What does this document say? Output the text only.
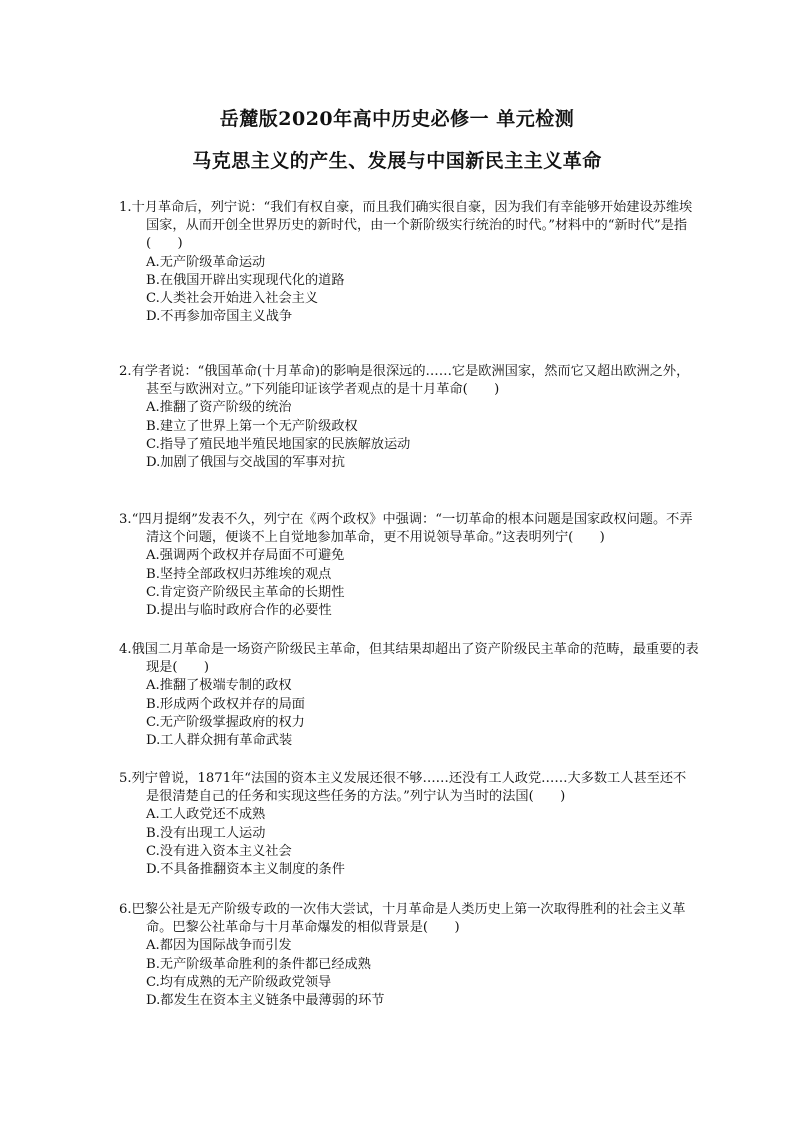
岳麓版2020年高中历史必修一 单元检测
马克思主义的产生、发展与中国新民主主义革命

1.十月革命后，列宁说：“我们有权自豪，而且我们确实很自豪，因为我们有幸能够开始建设苏维埃国家，从而开创全世界历史的新时代，由一个新阶级实行统治的时代。”材料中的“新时代”是指(　　)

A.无产阶级革命运动
B.在俄国开辟出实现现代化的道路
C.人类社会开始进入社会主义
D.不再参加帝国主义战争

2.有学者说：“俄国革命(十月革命)的影响是很深远的……它是欧洲国家，然而它又超出欧洲之外，甚至与欧洲对立。”下列能印证该学者观点的是十月革命(　　)

A.推翻了资产阶级的统治
B.建立了世界上第一个无产阶级政权
C.指导了殖民地半殖民地国家的民族解放运动
D.加剧了俄国与交战国的军事对抗

3.“四月提纲”发表不久，列宁在《两个政权》中强调：“一切革命的根本问题是国家政权问题。不弄清这个问题，便谈不上自觉地参加革命，更不用说领导革命。”这表明列宁(　　)

A.强调两个政权并存局面不可避免
B.坚持全部政权归苏维埃的观点
C.肯定资产阶级民主革命的长期性
D.提出与临时政府合作的必要性

4.俄国二月革命是一场资产阶级民主革命，但其结果却超出了资产阶级民主革命的范畴，最重要的表现是(　　)

A.推翻了极端专制的政权
B.形成两个政权并存的局面
C.无产阶级掌握政府的权力
D.工人群众拥有革命武装

5.列宁曾说，1871年“法国的资本主义发展还很不够……还没有工人政党……大多数工人甚至还不是很清楚自己的任务和实现这些任务的方法。”列宁认为当时的法国(　　)

A.工人政党还不成熟
B.没有出现工人运动
C.没有进入资本主义社会
D.不具备推翻资本主义制度的条件

6.巴黎公社是无产阶级专政的一次伟大尝试，十月革命是人类历史上第一次取得胜利的社会主义革命。巴黎公社革命与十月革命爆发的相似背景是(　　)

A.都因为国际战争而引发
B.无产阶级革命胜利的条件都已经成熟
C.均有成熟的无产阶级政党领导
D.都发生在资本主义链条中最薄弱的环节
